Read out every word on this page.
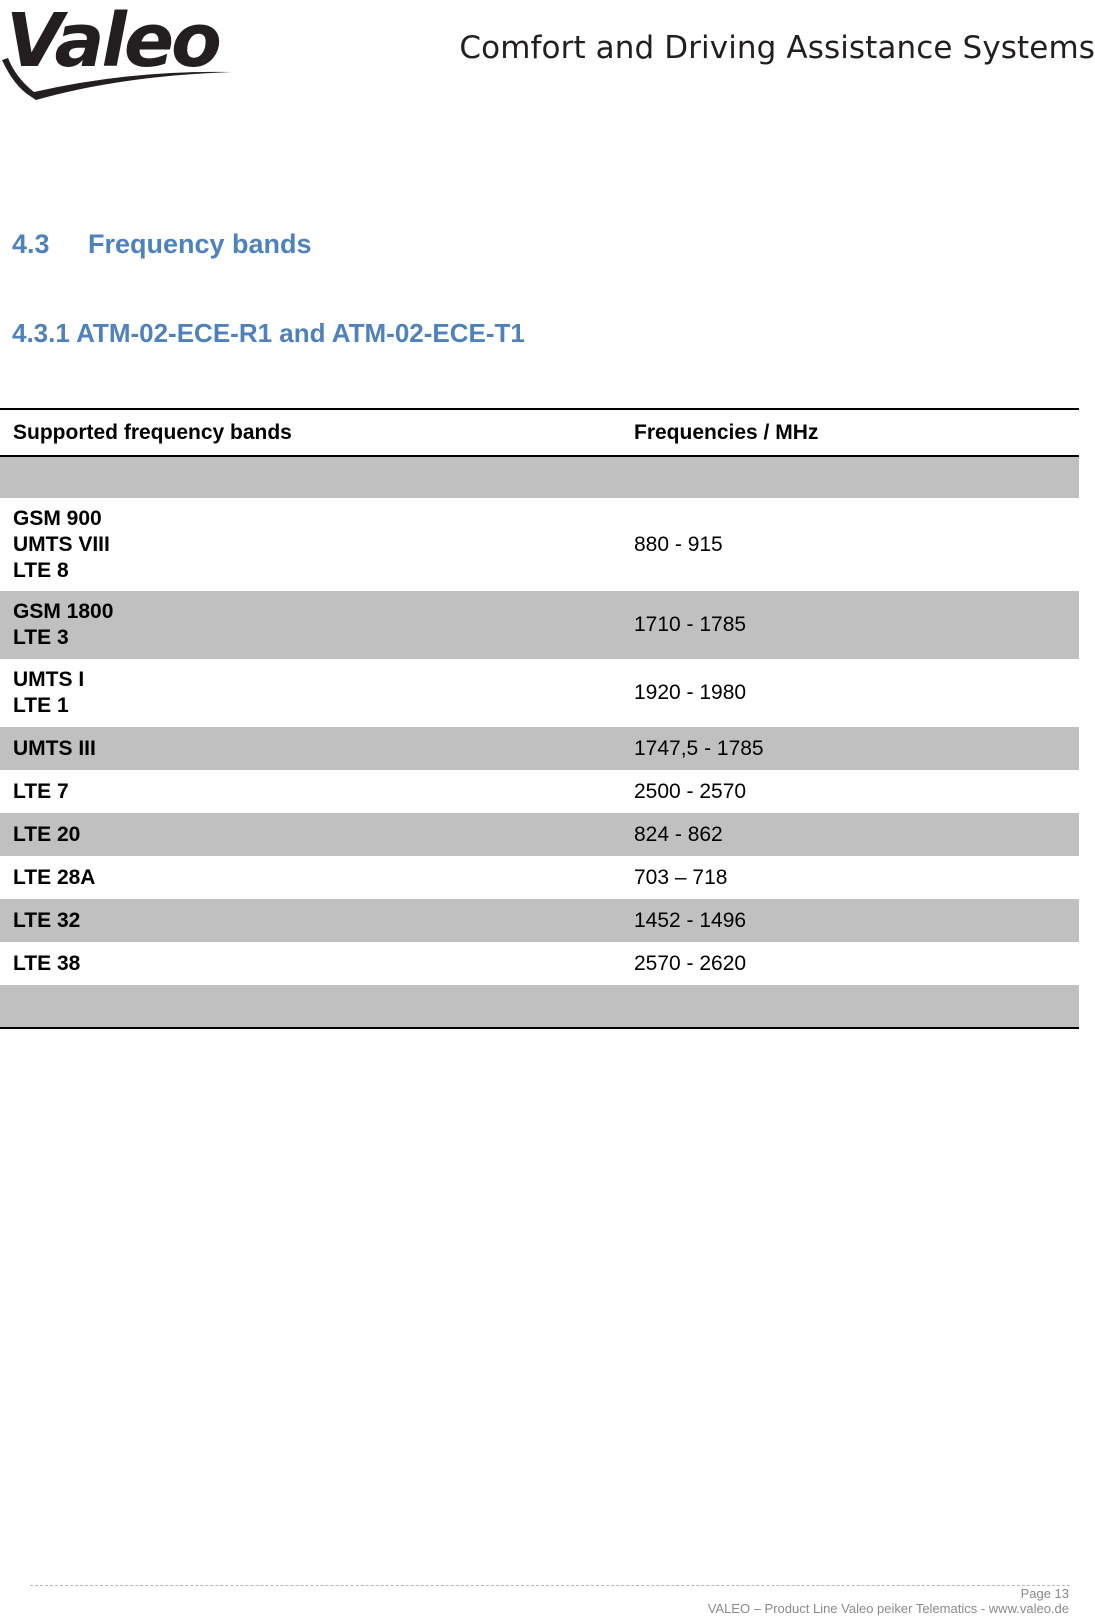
Valeo	Comfort and Driving Assistance Systems
4.3 Frequency bands
4.3.1 ATM-02-ECE-R1 and ATM-02-ECE-T1
Supported frequency bands	Frequencies / MHz

GSM 900
UMTS VIII
LTE 8	880 - 915

GSM 1800
LTE 3	1710 - 1785

UMTS I
LTE 1	1920 - 1980

UMTS III	1747,5 - 1785

LTE 7	2500 - 2570

LTE 20	824 - 862

LTE 28A	703 – 718

LTE 32	1452 - 1496

LTE 38	2570 - 2620

Page 13
VALEO – Product Line Valeo peiker Telematics - www.valeo.de
